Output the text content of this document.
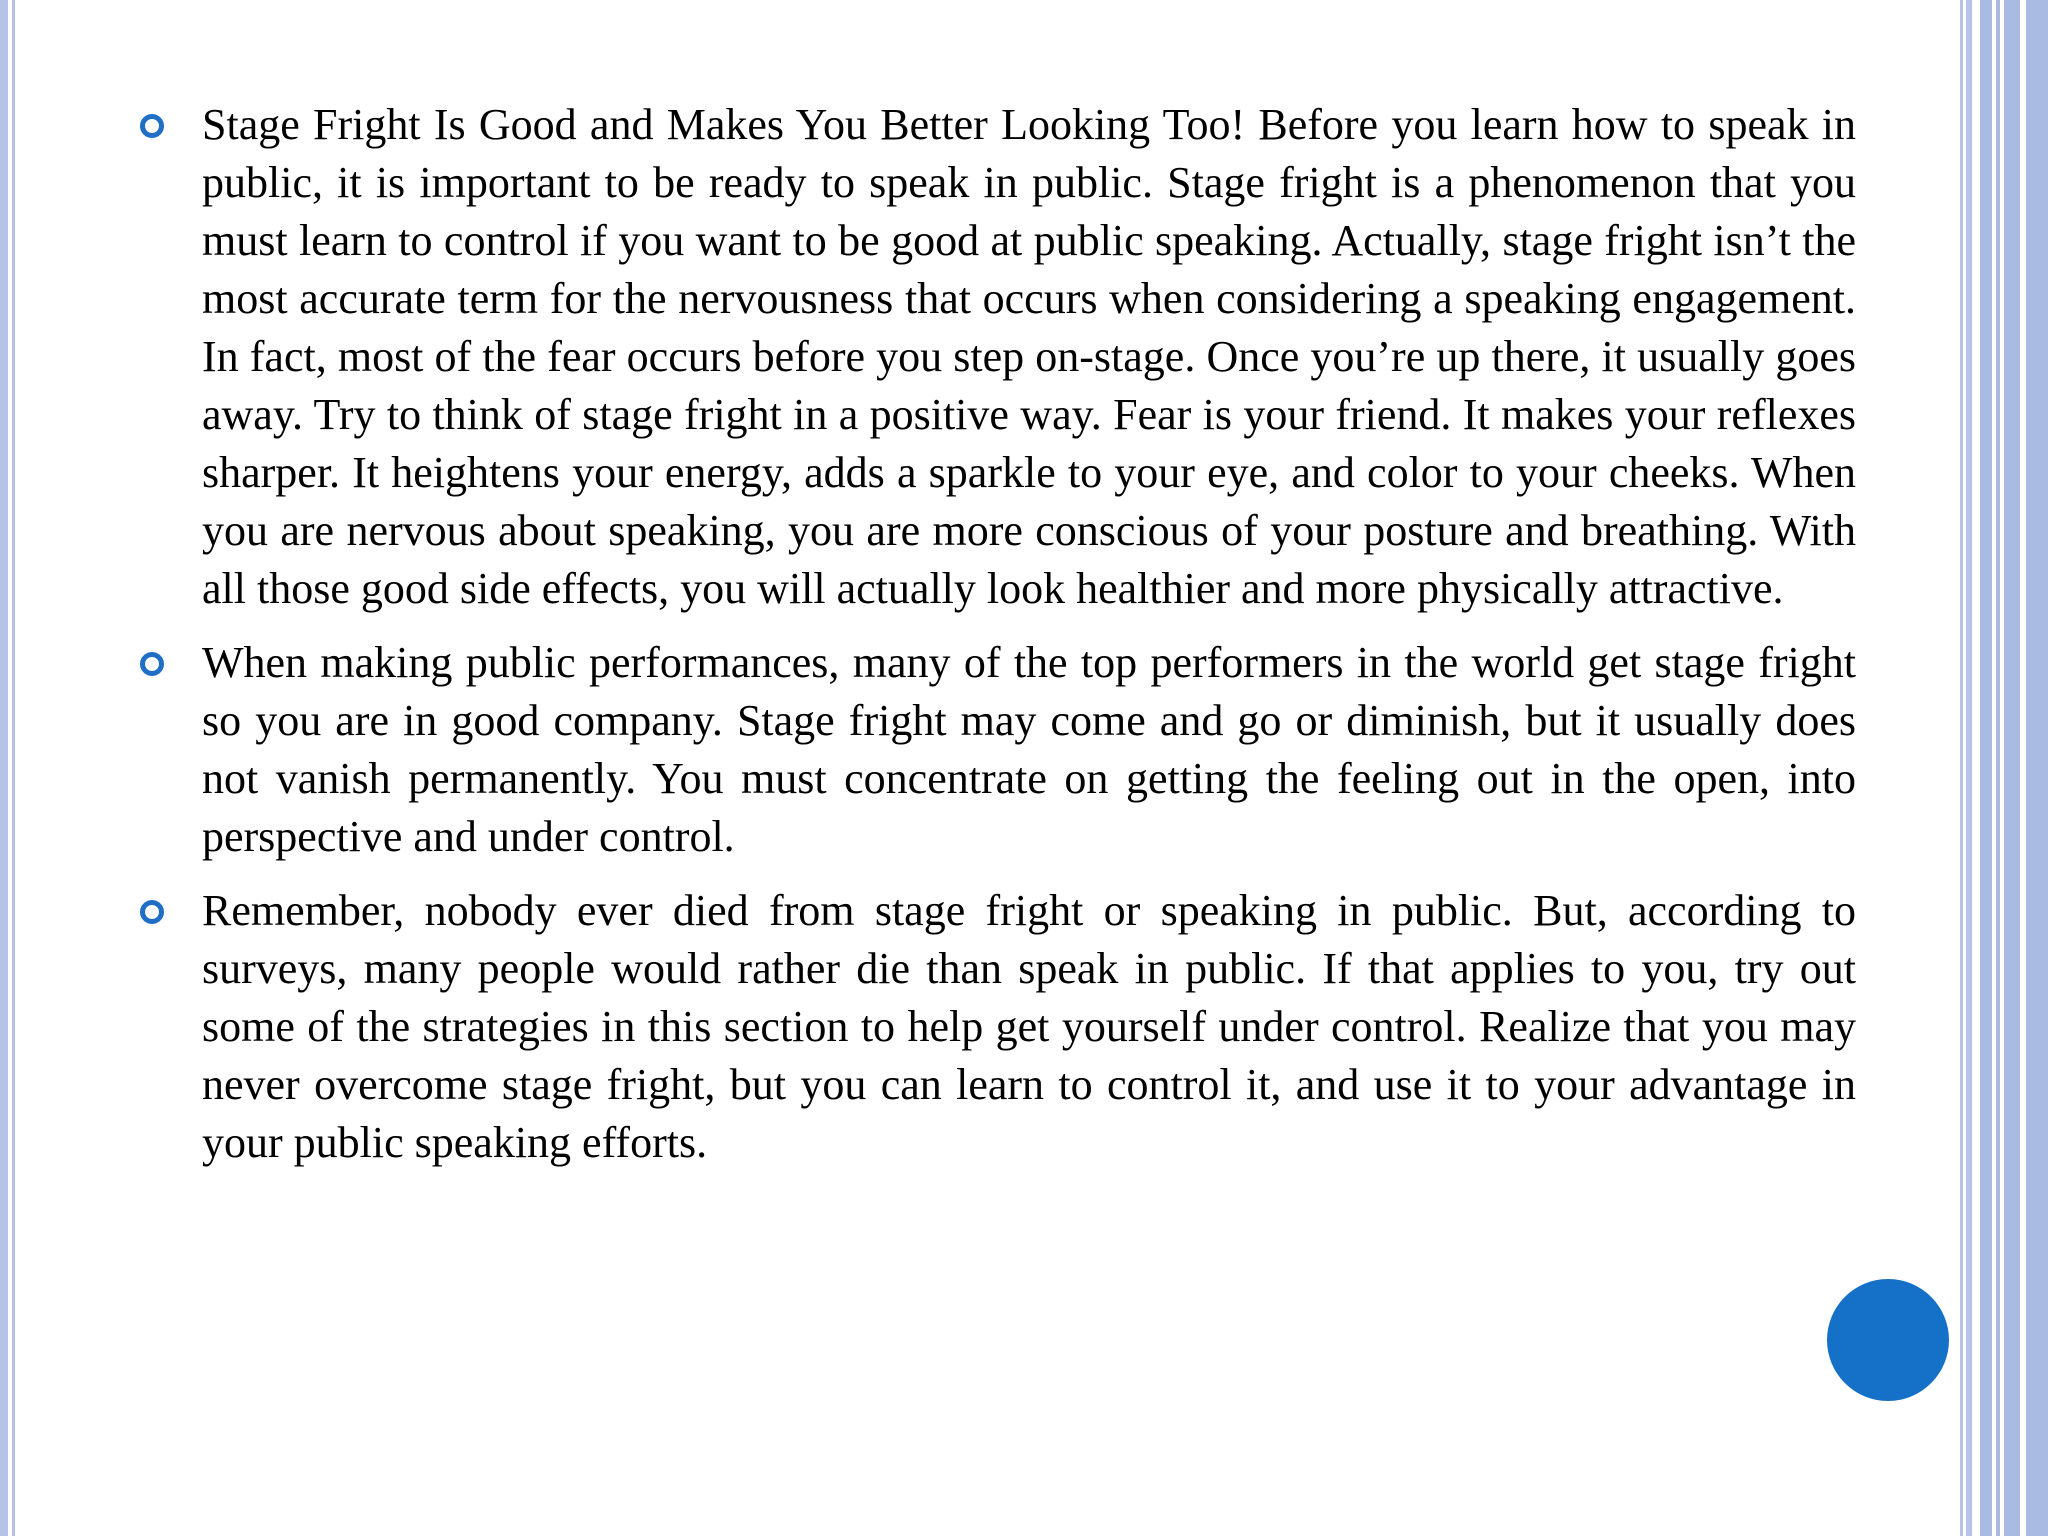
Stage Fright Is Good and Makes You Better Looking Too! Before you learn how to speak in public, it is important to be ready to speak in public. Stage fright is a phenomenon that you must learn to control if you want to be good at public speaking. Actually, stage fright isn’t the most accurate term for the nervousness that occurs when considering a speaking engagement. In fact, most of the fear occurs before you step on-stage. Once you’re up there, it usually goes away. Try to think of stage fright in a positive way. Fear is your friend. It makes your reflexes sharper. It heightens your energy, adds a sparkle to your eye, and color to your cheeks. When you are nervous about speaking, you are more conscious of your posture and breathing. With all those good side effects, you will actually look healthier and more physically attractive.

When making public performances, many of the top performers in the world get stage fright so you are in good company. Stage fright may come and go or diminish, but it usually does not vanish permanently. You must concentrate on getting the feeling out in the open, into perspective and under control.

Remember, nobody ever died from stage fright or speaking in public. But, according to surveys, many people would rather die than speak in public. If that applies to you, try out some of the strategies in this section to help get yourself under control. Realize that you may never overcome stage fright, but you can learn to control it, and use it to your advantage in your public speaking efforts.
